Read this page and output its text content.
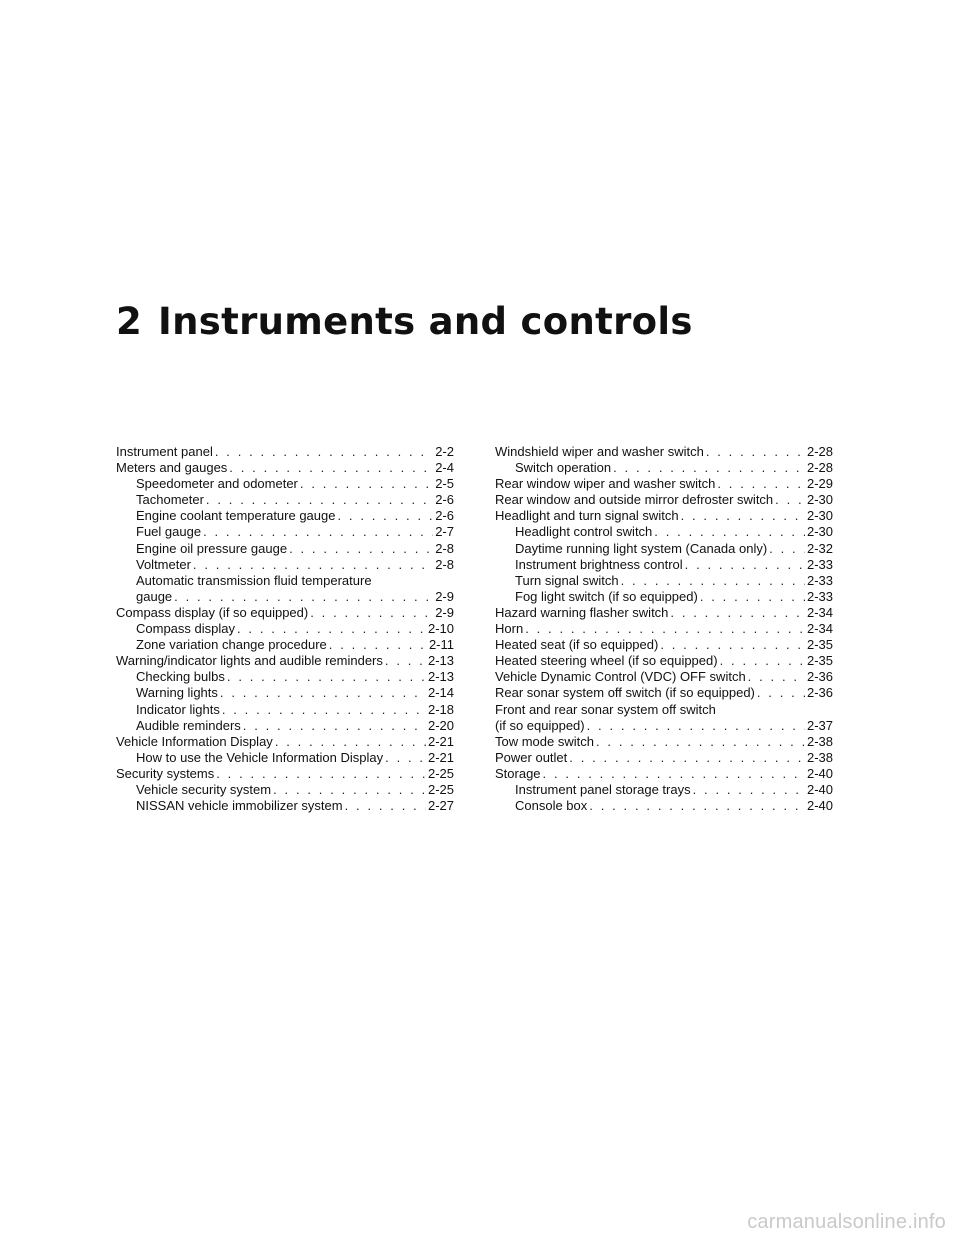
2 Instruments and controls
Instrument panel . . .	2-2
Meters and gauges . . .	2-4
Speedometer and odometer . . .	2-5
Tachometer . . .	2-6
Engine coolant temperature gauge . . .	2-6
Fuel gauge . . .	2-7
Engine oil pressure gauge . . .	2-8
Voltmeter . . .	2-8
Automatic transmission fluid temperature
gauge . . .	2-9
Compass display (if so equipped) . . .	2-9
Compass display . . .	2-10
Zone variation change procedure . . .	2-11
Warning/indicator lights and audible reminders . . .	2-13
Checking bulbs . . .	2-13
Warning lights . . .	2-14
Indicator lights . . .	2-18
Audible reminders . . .	2-20
Vehicle Information Display . . .	2-21
How to use the Vehicle Information Display . . .	2-21
Security systems . . .	2-25
Vehicle security system . . .	2-25
NISSAN vehicle immobilizer system . . .	2-27
Windshield wiper and washer switch . . .	2-28
Switch operation . . .	2-28
Rear window wiper and washer switch . . .	2-29
Rear window and outside mirror defroster switch . . .	2-30
Headlight and turn signal switch . . .	2-30
Headlight control switch . . .	2-30
Daytime running light system (Canada only) . . .	2-32
Instrument brightness control . . .	2-33
Turn signal switch . . .	2-33
Fog light switch (if so equipped) . . .	2-33
Hazard warning flasher switch . . .	2-34
Horn . . .	2-34
Heated seat (if so equipped) . . .	2-35
Heated steering wheel (if so equipped) . . .	2-35
Vehicle Dynamic Control (VDC) OFF switch . . .	2-36
Rear sonar system off switch (if so equipped) . . .	2-36
Front and rear sonar system off switch
(if so equipped) . . .	2-37
Tow mode switch . . .	2-38
Power outlet . . .	2-38
Storage . . .	2-40
Instrument panel storage trays . . .	2-40
Console box . . .	2-40
carmanualsonline.info
